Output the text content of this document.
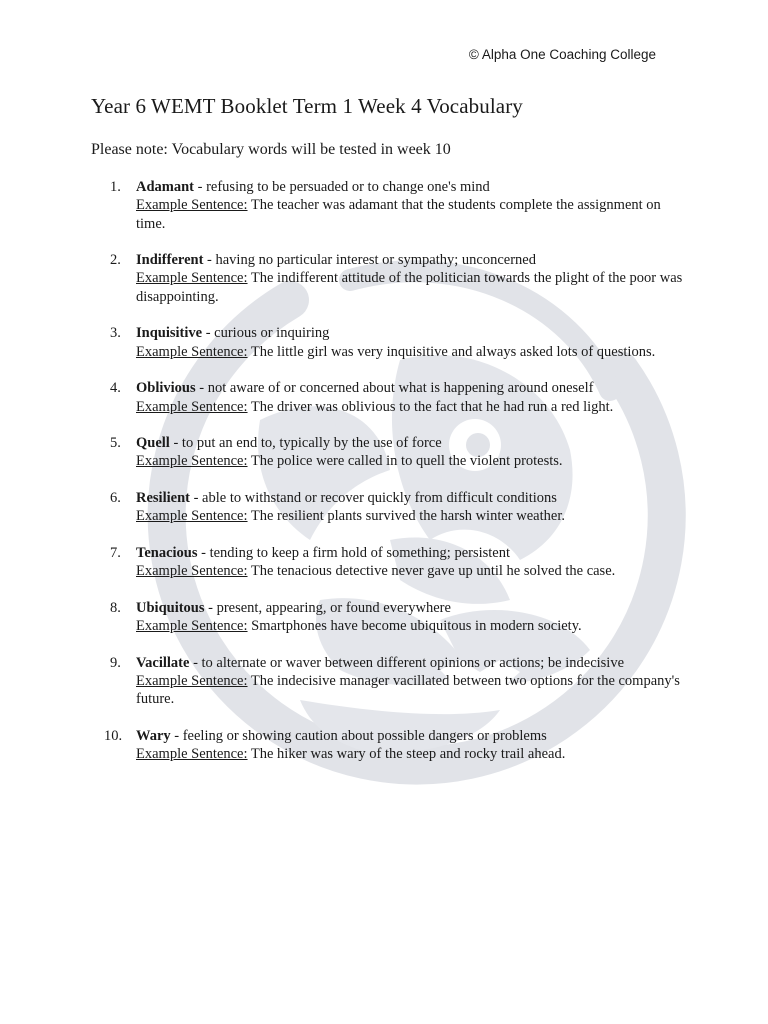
© Alpha One Coaching College
Year 6 WEMT Booklet Term 1 Week 4 Vocabulary

Please note: Vocabulary words will be tested in week 10

1.	Adamant - refusing to be persuaded or to change one's mind
Example Sentence: The teacher was adamant that the students complete the assignment on time.
2.	Indifferent - having no particular interest or sympathy; unconcerned
Example Sentence: The indifferent attitude of the politician towards the plight of the poor was disappointing.
3.	Inquisitive - curious or inquiring
Example Sentence: The little girl was very inquisitive and always asked lots of questions.
4.	Oblivious - not aware of or concerned about what is happening around oneself
Example Sentence: The driver was oblivious to the fact that he had run a red light.
5.	Quell - to put an end to, typically by the use of force
Example Sentence: The police were called in to quell the violent protests.
6.	Resilient - able to withstand or recover quickly from difficult conditions
Example Sentence: The resilient plants survived the harsh winter weather.
7.	Tenacious - tending to keep a firm hold of something; persistent
Example Sentence: The tenacious detective never gave up until he solved the case.
8.	Ubiquitous - present, appearing, or found everywhere
Example Sentence: Smartphones have become ubiquitous in modern society.
9.	Vacillate - to alternate or waver between different opinions or actions; be indecisive
Example Sentence: The indecisive manager vacillated between two options for the company's future.
10. Wary - feeling or showing caution about possible dangers or problems
Example Sentence: The hiker was wary of the steep and rocky trail ahead.
